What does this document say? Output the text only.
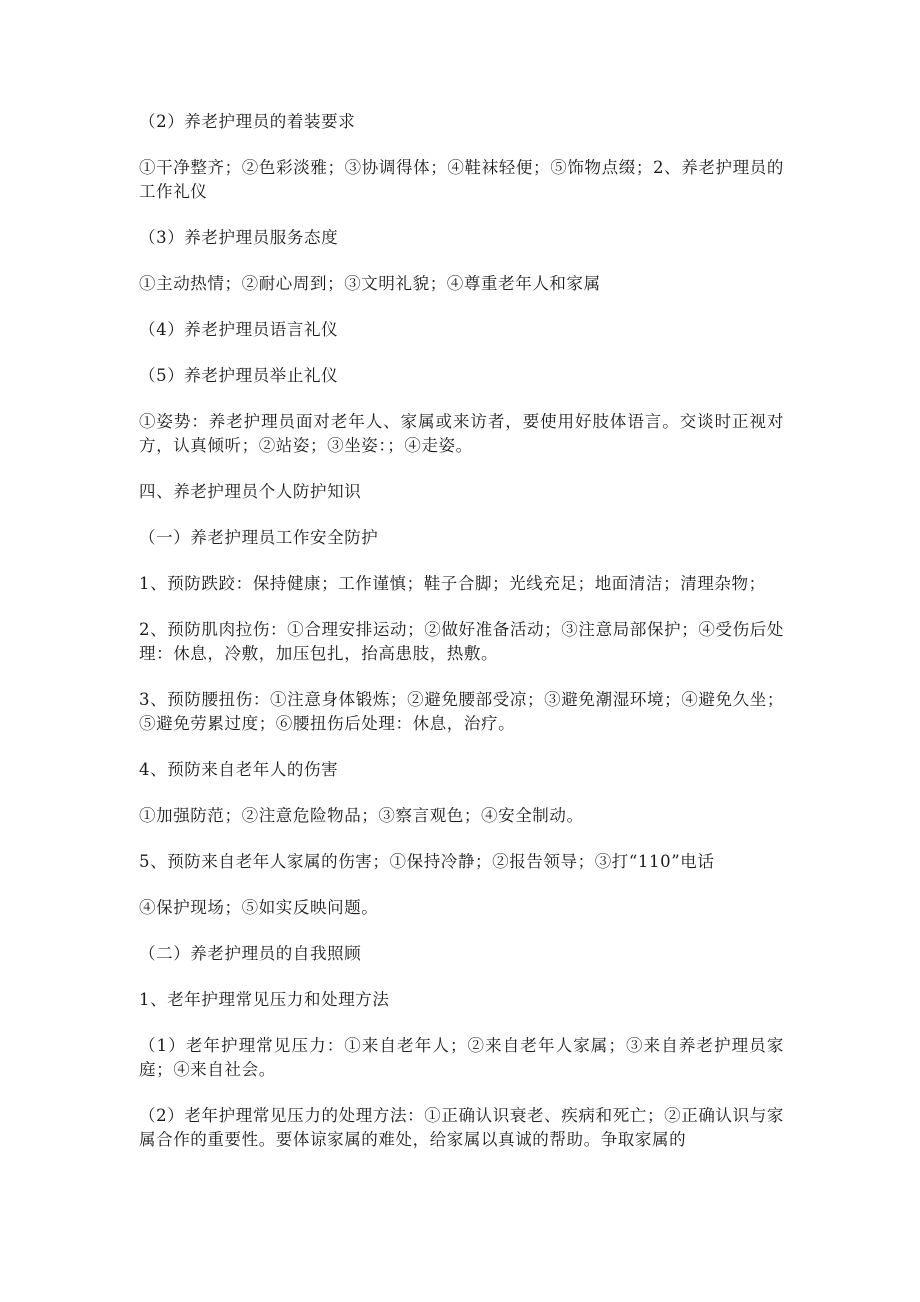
（2）养老护理员的着装要求

①干净整齐；②色彩淡雅；③协调得体；④鞋袜轻便；⑤饰物点缀；2、养老护理员的工作礼仪

（3）养老护理员服务态度

①主动热情；②耐心周到；③文明礼貌；④尊重老年人和家属

（4）养老护理员语言礼仪

（5）养老护理员举止礼仪

①姿势：养老护理员面对老年人、家属或来访者，要使用好肢体语言。交谈时正视对方，认真倾听；②站姿；③坐姿：；④走姿。

四、养老护理员个人防护知识

（一）养老护理员工作安全防护

1、预防跌跤：保持健康；工作谨慎；鞋子合脚；光线充足；地面清洁；清理杂物；

2、预防肌肉拉伤：①合理安排运动；②做好准备活动；③注意局部保护；④受伤后处理：休息，冷敷，加压包扎，抬高患肢，热敷。

3、预防腰扭伤：①注意身体锻炼；②避免腰部受凉；③避免潮湿环境；④避免久坐；⑤避免劳累过度；⑥腰扭伤后处理：休息，治疗。

4、预防来自老年人的伤害

①加强防范；②注意危险物品；③察言观色；④安全制动。

5、预防来自老年人家属的伤害；①保持冷静；②报告领导；③打“110”电话

④保护现场；⑤如实反映问题。

（二）养老护理员的自我照顾

1、老年护理常见压力和处理方法

（1）老年护理常见压力：①来自老年人；②来自老年人家属；③来自养老护理员家庭；④来自社会。

（2）老年护理常见压力的处理方法：①正确认识衰老、疾病和死亡；②正确认识与家属合作的重要性。要体谅家属的难处，给家属以真诚的帮助。争取家属的
